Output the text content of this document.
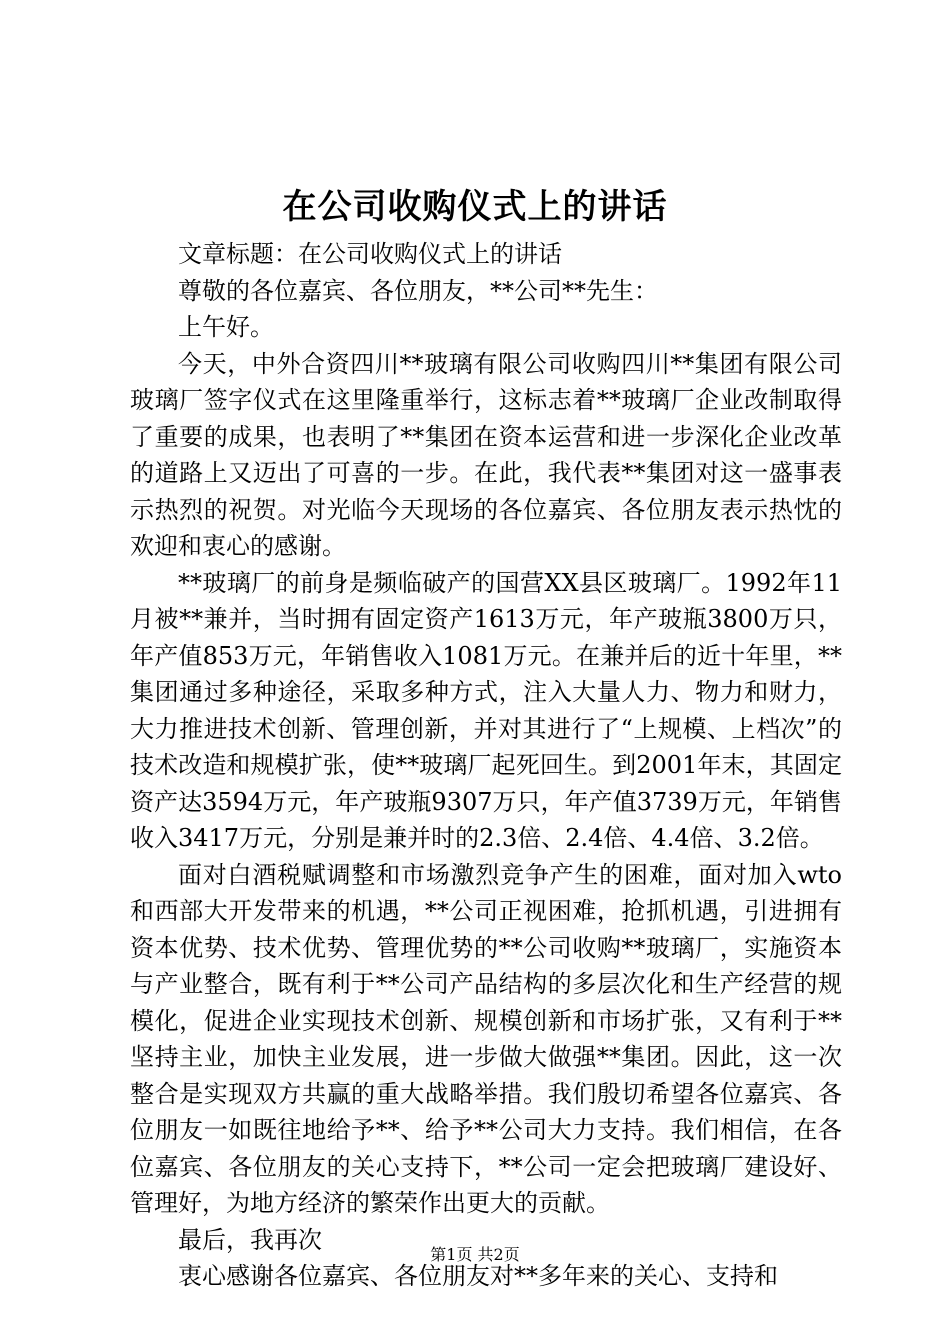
在公司收购仪式上的讲话

文章标题：在公司收购仪式上的讲话

尊敬的各位嘉宾、各位朋友，**公司**先生：

上午好。

今天，中外合资四川**玻璃有限公司收购四川**集团有限公司玻璃厂签字仪式在这里隆重举行，这标志着**玻璃厂企业改制取得了重要的成果，也表明了**集团在资本运营和进一步深化企业改革的道路上又迈出了可喜的一步。在此，我代表**集团对这一盛事表示热烈的祝贺。对光临今天现场的各位嘉宾、各位朋友表示热忱的欢迎和衷心的感谢。

**玻璃厂的前身是频临破产的国营XX县区玻璃厂。1992年11月被**兼并，当时拥有固定资产1613万元，年产玻瓶3800万只，年产值853万元，年销售收入1081万元。在兼并后的近十年里，**集团通过多种途径，采取多种方式，注入大量人力、物力和财力，大力推进技术创新、管理创新，并对其进行了“上规模、上档次”的技术改造和规模扩张，使**玻璃厂起死回生。到2001年末，其固定资产达3594万元，年产玻瓶9307万只，年产值3739万元，年销售收入3417万元，分别是兼并时的2.3倍、2.4倍、4.4倍、3.2倍。

面对白酒税赋调整和市场激烈竞争产生的困难，面对加入wto和西部大开发带来的机遇，**公司正视困难，抢抓机遇，引进拥有资本优势、技术优势、管理优势的**公司收购**玻璃厂，实施资本与产业整合，既有利于**公司产品结构的多层次化和生产经营的规模化，促进企业实现技术创新、规模创新和市场扩张，又有利于**坚持主业，加快主业发展，进一步做大做强**集团。因此，这一次整合是实现双方共赢的重大战略举措。我们殷切希望各位嘉宾、各位朋友一如既往地给予**、给予**公司大力支持。我们相信，在各位嘉宾、各位朋友的关心支持下，**公司一定会把玻璃厂建设好、管理好，为地方经济的繁荣作出更大的贡献。

最后，我再次

衷心感谢各位嘉宾、各位朋友对**多年来的关心、支持和

第1页 共2页
